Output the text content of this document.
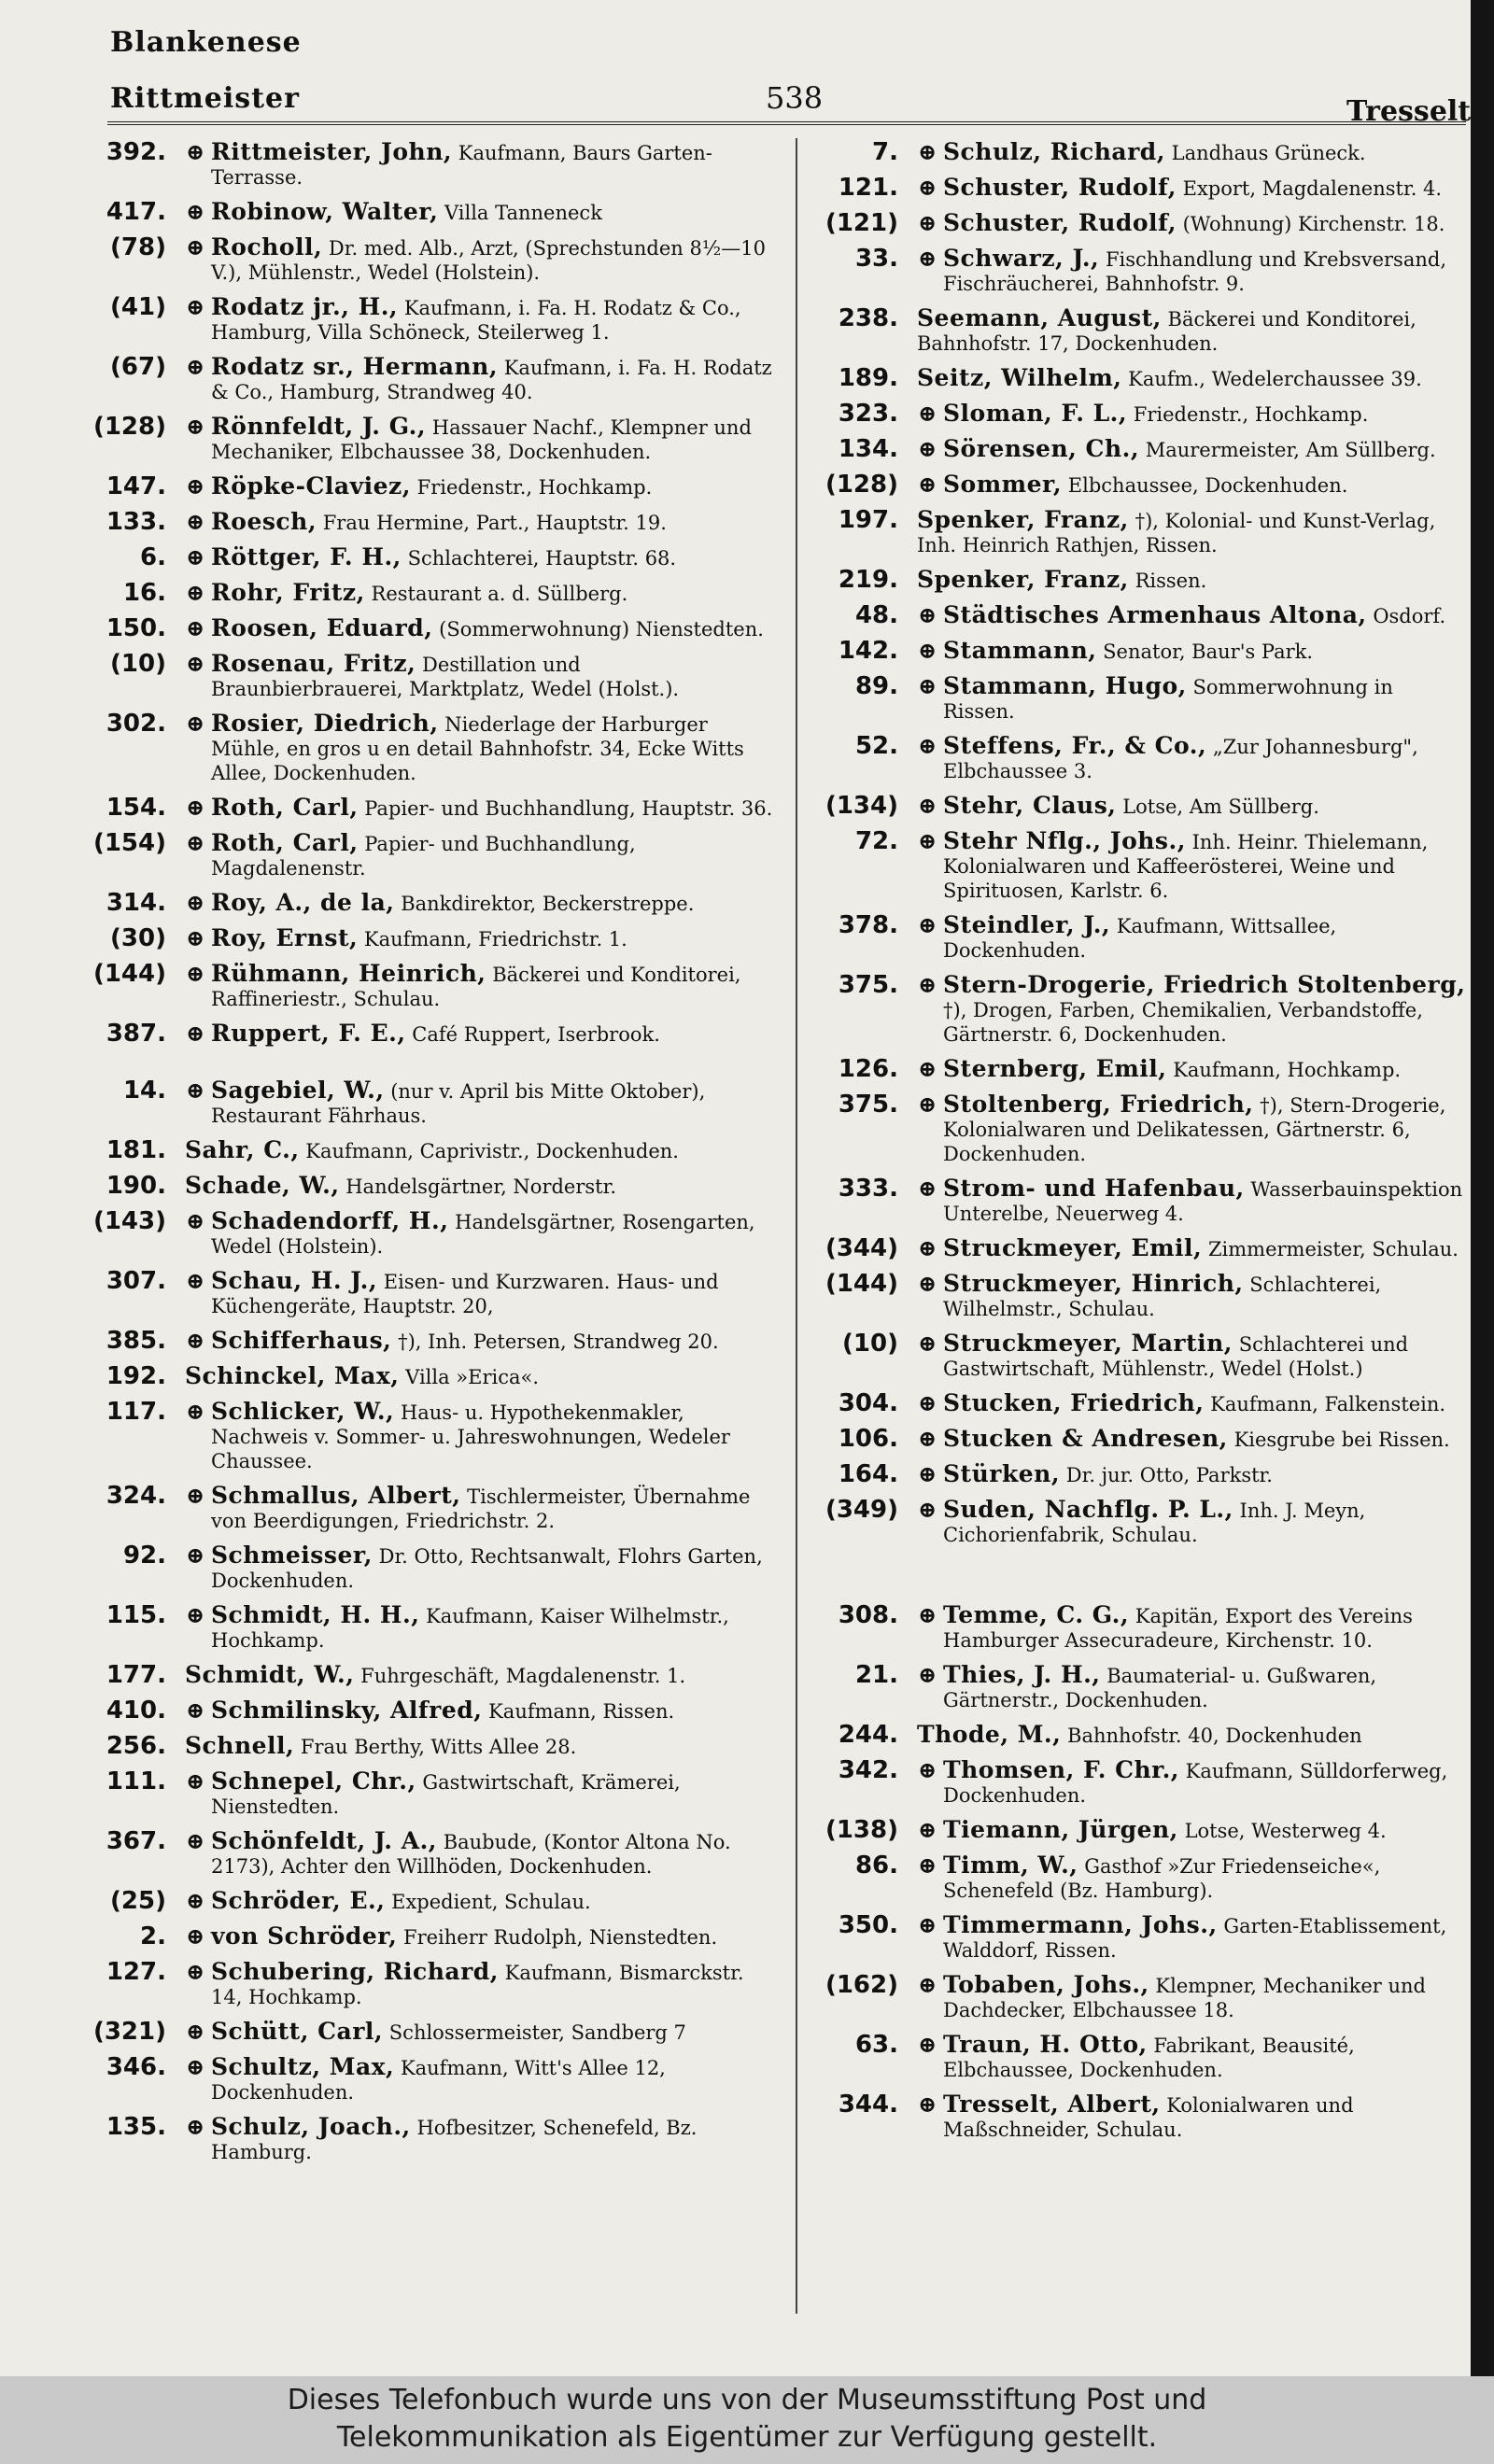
Blankenese
Rittmeister	538	Tresselt
392. ⊕ Rittmeister, John, Kaufmann, Baurs Garten-Terrasse.
417. ⊕ Robinow, Walter, Villa Tanneneck
(78) ⊕ Rocholl, Dr. med. Alb., Arzt, (Sprechstunden 8½—10 V.), Mühlenstr., Wedel (Holstein).
(41) ⊕ Rodatz jr., H., Kaufmann, i. Fa. H. Rodatz & Co., Hamburg, Villa Schöneck, Steilerweg 1.
(67) ⊕ Rodatz sr., Hermann, Kaufmann, i. Fa. H. Rodatz & Co., Hamburg, Strandweg 40.
(128) ⊕ Rönnfeldt, J. G., Hassauer Nachf., Klempner und Mechaniker, Elbchaussee 38, Dockenhuden.
147. ⊕ Röpke-Claviez, Friedenstr., Hochkamp.
133. ⊕ Roesch, Frau Hermine, Part., Hauptstr. 19.
6. ⊕ Röttger, F. H., Schlachterei, Hauptstr. 68.
16. ⊕ Rohr, Fritz, Restaurant a. d. Süllberg.
150. ⊕ Roosen, Eduard, (Sommerwohnung) Nienstedten.
(10) ⊕ Rosenau, Fritz, Destillation und Braunbierbrauerei, Marktplatz, Wedel (Holst.).
302. ⊕ Rosier, Diedrich, Niederlage der Harburger Mühle, en gros u en detail Bahnhofstr. 34, Ecke Witts Allee, Dockenhuden.
154. ⊕ Roth, Carl, Papier- und Buchhandlung, Hauptstr. 36.
(154) ⊕ Roth, Carl, Papier- und Buchhandlung, Magdalenenstr.
314. ⊕ Roy, A., de la, Bankdirektor, Beckerstreppe.
(30) ⊕ Roy, Ernst, Kaufmann, Friedrichstr. 1.
(144) ⊕ Rühmann, Heinrich, Bäckerei und Konditorei, Raffineriestr., Schulau.
387. ⊕ Ruppert, F. E., Café Ruppert, Iserbrook.
14. ⊕ Sagebiel, W., (nur v. April bis Mitte Oktober), Restaurant Fährhaus.
181. Sahr, C., Kaufmann, Caprivistr., Dockenhuden.
190. Schade, W., Handelsgärtner, Norderstr.
(143) ⊕ Schadendorff, H., Handelsgärtner, Rosengarten, Wedel (Holstein).
307. ⊕ Schau, H. J., Eisen- und Kurzwaren. Haus- und Küchengeräte, Hauptstr. 20,
385. ⊕ Schifferhaus, †), Inh. Petersen, Strandweg 20.
192. Schinckel, Max, Villa »Erica«.
117. ⊕ Schlicker, W., Haus- u. Hypothekenmakler, Nachweis v. Sommer- u. Jahreswohnungen, Wedeler Chaussee.
324. ⊕ Schmallus, Albert, Tischlermeister, Übernahme von Beerdigungen, Friedrichstr. 2.
92. ⊕ Schmeisser, Dr. Otto, Rechtsanwalt, Flohrs Garten, Dockenhuden.
115. ⊕ Schmidt, H. H., Kaufmann, Kaiser Wilhelmstr., Hochkamp.
177. Schmidt, W., Fuhrgeschäft, Magdalenenstr. 1.
410. ⊕ Schmilinsky, Alfred, Kaufmann, Rissen.
256. Schnell, Frau Berthy, Witts Allee 28.
111. ⊕ Schnepel, Chr., Gastwirtschaft, Krämerei, Nienstedten.
367. ⊕ Schönfeldt, J. A., Baubude, (Kontor Altona No. 2173), Achter den Willhöden, Dockenhuden.
(25) ⊕ Schröder, E., Expedient, Schulau.
2. ⊕ von Schröder, Freiherr Rudolph, Nienstedten.
127. ⊕ Schubering, Richard, Kaufmann, Bismarckstr. 14, Hochkamp.
(321) ⊕ Schütt, Carl, Schlossermeister, Sandberg 7
346. ⊕ Schultz, Max, Kaufmann, Witt's Allee 12, Dockenhuden.
135. ⊕ Schulz, Joach., Hofbesitzer, Schenefeld, Bz. Hamburg.
7. ⊕ Schulz, Richard, Landhaus Grüneck.
121. ⊕ Schuster, Rudolf, Export, Magdalenenstr. 4.
(121) ⊕ Schuster, Rudolf, (Wohnung) Kirchenstr. 18.
33. ⊕ Schwarz, J., Fischhandlung und Krebsversand, Fischräucherei, Bahnhofstr. 9.
238. Seemann, August, Bäckerei und Konditorei, Bahnhofstr. 17, Dockenhuden.
189. Seitz, Wilhelm, Kaufm., Wedelerchaussee 39.
323. ⊕ Sloman, F. L., Friedenstr., Hochkamp.
134. ⊕ Sörensen, Ch., Maurermeister, Am Süllberg.
(128) ⊕ Sommer, Elbchaussee, Dockenhuden.
197. Spenker, Franz, †), Kolonial- und Kunst-Verlag, Inh. Heinrich Rathjen, Rissen.
219. Spenker, Franz, Rissen.
48. ⊕ Städtisches Armenhaus Altona, Osdorf.
142. ⊕ Stammann, Senator, Baur's Park.
89. ⊕ Stammann, Hugo, Sommerwohnung in Rissen.
52. ⊕ Steffens, Fr., & Co., „Zur Johannesburg", Elbchaussee 3.
(134) ⊕ Stehr, Claus, Lotse, Am Süllberg.
72. ⊕ Stehr Nflg., Johs., Inh. Heinr. Thielemann, Kolonialwaren und Kaffeerösterei, Weine und Spirituosen, Karlstr. 6.
378. ⊕ Steindler, J., Kaufmann, Wittsallee, Dockenhuden.
375. ⊕ Stern-Drogerie, Friedrich Stoltenberg, †), Drogen, Farben, Chemikalien, Verbandstoffe, Gärtnerstr. 6, Dockenhuden.
126. ⊕ Sternberg, Emil, Kaufmann, Hochkamp.
375. ⊕ Stoltenberg, Friedrich, †), Stern-Drogerie, Kolonialwaren und Delikatessen, Gärtnerstr. 6, Dockenhuden.
333. ⊕ Strom- und Hafenbau, Wasserbauinspektion Unterelbe, Neuerweg 4.
(344) ⊕ Struckmeyer, Emil, Zimmermeister, Schulau.
(144) ⊕ Struckmeyer, Hinrich, Schlachterei, Wilhelmstr., Schulau.
(10) ⊕ Struckmeyer, Martin, Schlachterei und Gastwirtschaft, Mühlenstr., Wedel (Holst.)
304. ⊕ Stucken, Friedrich, Kaufmann, Falkenstein.
106. ⊕ Stucken & Andresen, Kiesgrube bei Rissen.
164. ⊕ Stürken, Dr. jur. Otto, Parkstr.
(349) ⊕ Suden, Nachflg. P. L., Inh. J. Meyn, Cichorienfabrik, Schulau.
308. ⊕ Temme, C. G., Kapitän, Export des Vereins Hamburger Assecuradeure, Kirchenstr. 10.
21. ⊕ Thies, J. H., Baumaterial- u. Gußwaren, Gärtnerstr., Dockenhuden.
244. Thode, M., Bahnhofstr. 40, Dockenhuden
342. ⊕ Thomsen, F. Chr., Kaufmann, Sülldorferweg, Dockenhuden.
(138) ⊕ Tiemann, Jürgen, Lotse, Westerweg 4.
86. ⊕ Timm, W., Gasthof »Zur Friedenseiche«, Schenefeld (Bz. Hamburg).
350. ⊕ Timmermann, Johs., Garten-Etablissement, Walddorf, Rissen.
(162) ⊕ Tobaben, Johs., Klempner, Mechaniker und Dachdecker, Elbchaussee 18.
63. ⊕ Traun, H. Otto, Fabrikant, Beausité, Elbchaussee, Dockenhuden.
344. ⊕ Tresselt, Albert, Kolonialwaren und Maßschneider, Schulau.
Dieses Telefonbuch wurde uns von der Museumsstiftung Post und
Telekommunikation als Eigentümer zur Verfügung gestellt.
